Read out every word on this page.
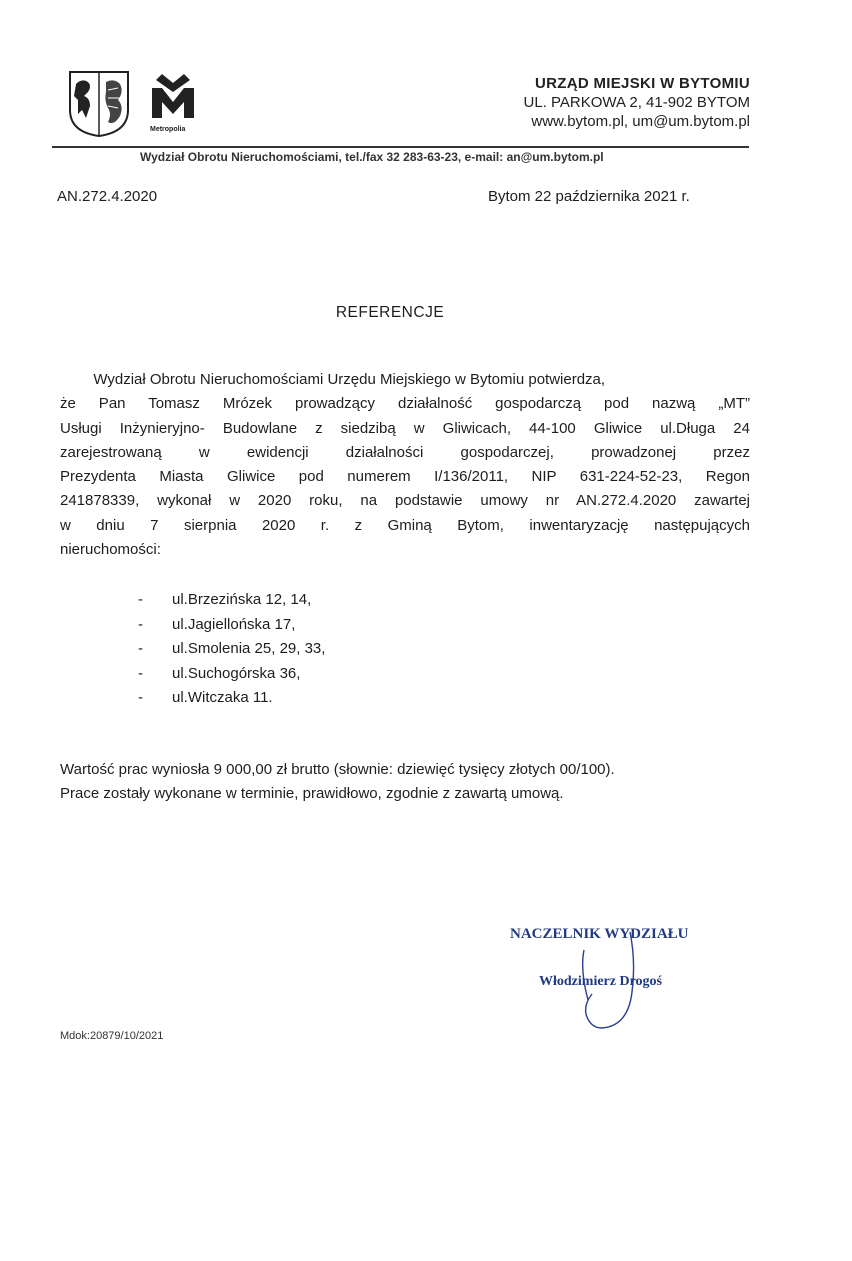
Metropolia
URZĄD MIEJSKI W BYTOMIU
UL. PARKOWA 2, 41-902 BYTOM
www.bytom.pl, um@um.bytom.pl
Wydział Obrotu Nieruchomościami, tel./fax 32 283-63-23, e-mail: an@um.bytom.pl
AN.272.4.2020	Bytom 22 października 2021 r.
REFERENCJE
Wydział Obrotu Nieruchomościami Urzędu Miejskiego w Bytomiu potwierdza,
że Pan Tomasz Mrózek prowadzący działalność gospodarczą pod nazwą „MT”
Usługi Inżynieryjno- Budowlane z siedzibą w Gliwicach, 44-100 Gliwice ul.Długa 24
zarejestrowaną w ewidencji działalności gospodarczej, prowadzonej przez
Prezydenta Miasta Gliwice pod numerem I/136/2011, NIP 631-224-52-23, Regon
241878339, wykonał w 2020 roku, na podstawie umowy nr AN.272.4.2020 zawartej
w dniu 7 sierpnia 2020 r. z Gminą Bytom, inwentaryzację następujących
nieruchomości:
-	ul.Brzezińska 12, 14,
-	ul.Jagiellońska 17,
-	ul.Smolenia 25, 29, 33,
-	ul.Suchogórska 36,
-	ul.Witczaka 11.
Wartość prac wyniosła 9 000,00 zł brutto (słownie: dziewięć tysięcy złotych 00/100).
Prace zostały wykonane w terminie, prawidłowo, zgodnie z zawartą umową.
NACZELNIK WYDZIAŁU
Włodzimierz Drogoś
Mdok:20879/10/2021
